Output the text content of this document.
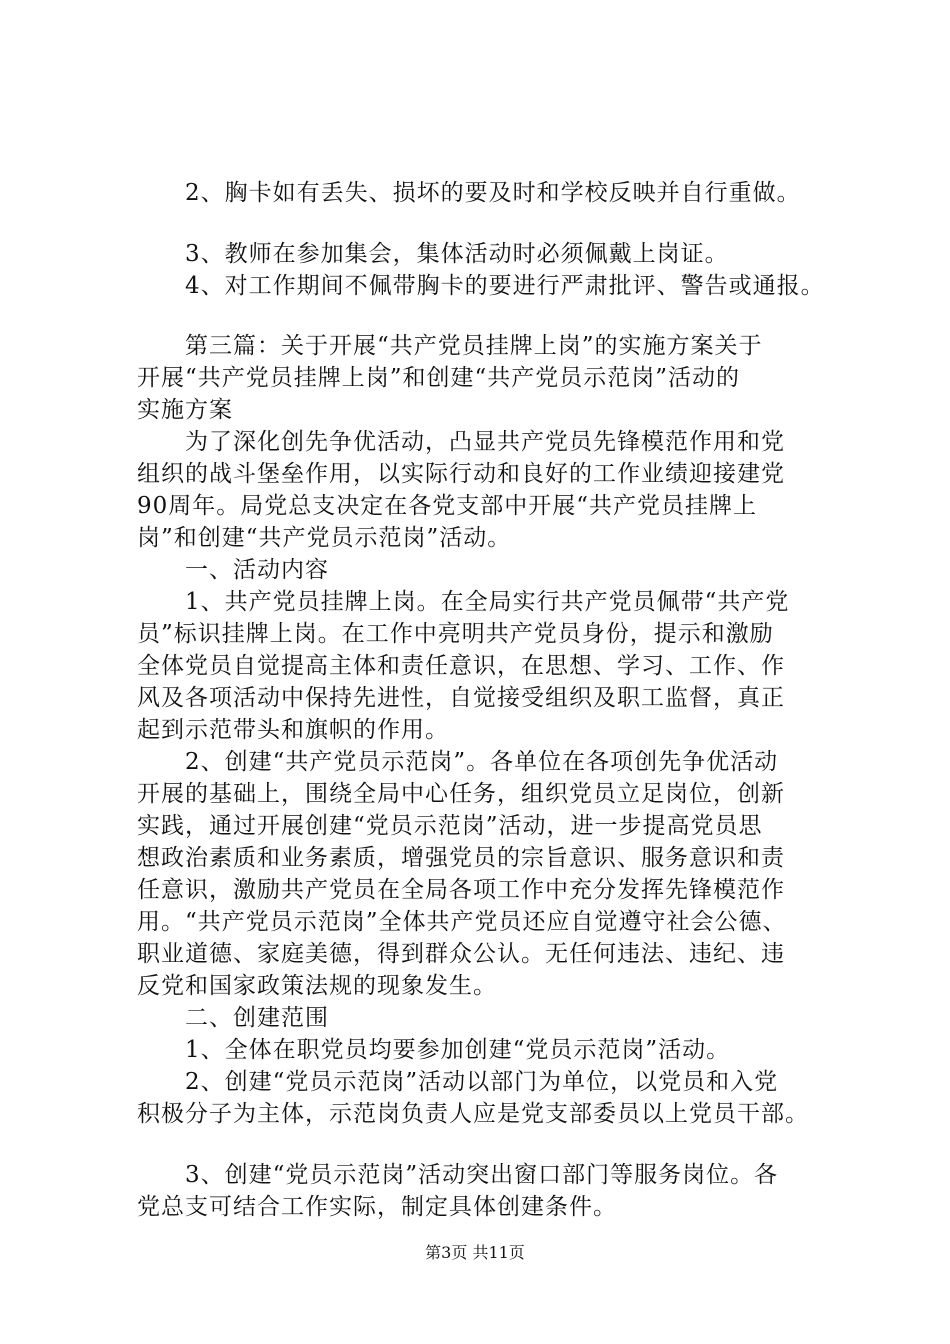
　　2、胸卡如有丢失、损坏的要及时和学校反映并自行重做。
　　3、教师在参加集会，集体活动时必须佩戴上岗证。
　　4、对工作期间不佩带胸卡的要进行严肃批评、警告或通报。
　　第三篇：关于开展“共产党员挂牌上岗”的实施方案关于
开展“共产党员挂牌上岗”和创建“共产党员示范岗”活动的
实施方案
　　为了深化创先争优活动，凸显共产党员先锋模范作用和党
组织的战斗堡垒作用，以实际行动和良好的工作业绩迎接建党
90周年。局党总支决定在各党支部中开展“共产党员挂牌上
岗”和创建“共产党员示范岗”活动。
　　一、活动内容
　　1、共产党员挂牌上岗。在全局实行共产党员佩带“共产党
员”标识挂牌上岗。在工作中亮明共产党员身份，提示和激励
全体党员自觉提高主体和责任意识，在思想、学习、工作、作
风及各项活动中保持先进性，自觉接受组织及职工监督，真正
起到示范带头和旗帜的作用。
　　2、创建“共产党员示范岗”。各单位在各项创先争优活动
开展的基础上，围绕全局中心任务，组织党员立足岗位，创新
实践，通过开展创建“党员示范岗”活动，进一步提高党员思
想政治素质和业务素质，增强党员的宗旨意识、服务意识和责
任意识，激励共产党员在全局各项工作中充分发挥先锋模范作
用。“共产党员示范岗”全体共产党员还应自觉遵守社会公德、
职业道德、家庭美德，得到群众公认。无任何违法、违纪、违
反党和国家政策法规的现象发生。
　　二、创建范围
　　1、全体在职党员均要参加创建“党员示范岗”活动。
　　2、创建“党员示范岗”活动以部门为单位，以党员和入党
积极分子为主体，示范岗负责人应是党支部委员以上党员干部。
　　3、创建“党员示范岗”活动突出窗口部门等服务岗位。各
党总支可结合工作实际，制定具体创建条件。
第3页 共11页
